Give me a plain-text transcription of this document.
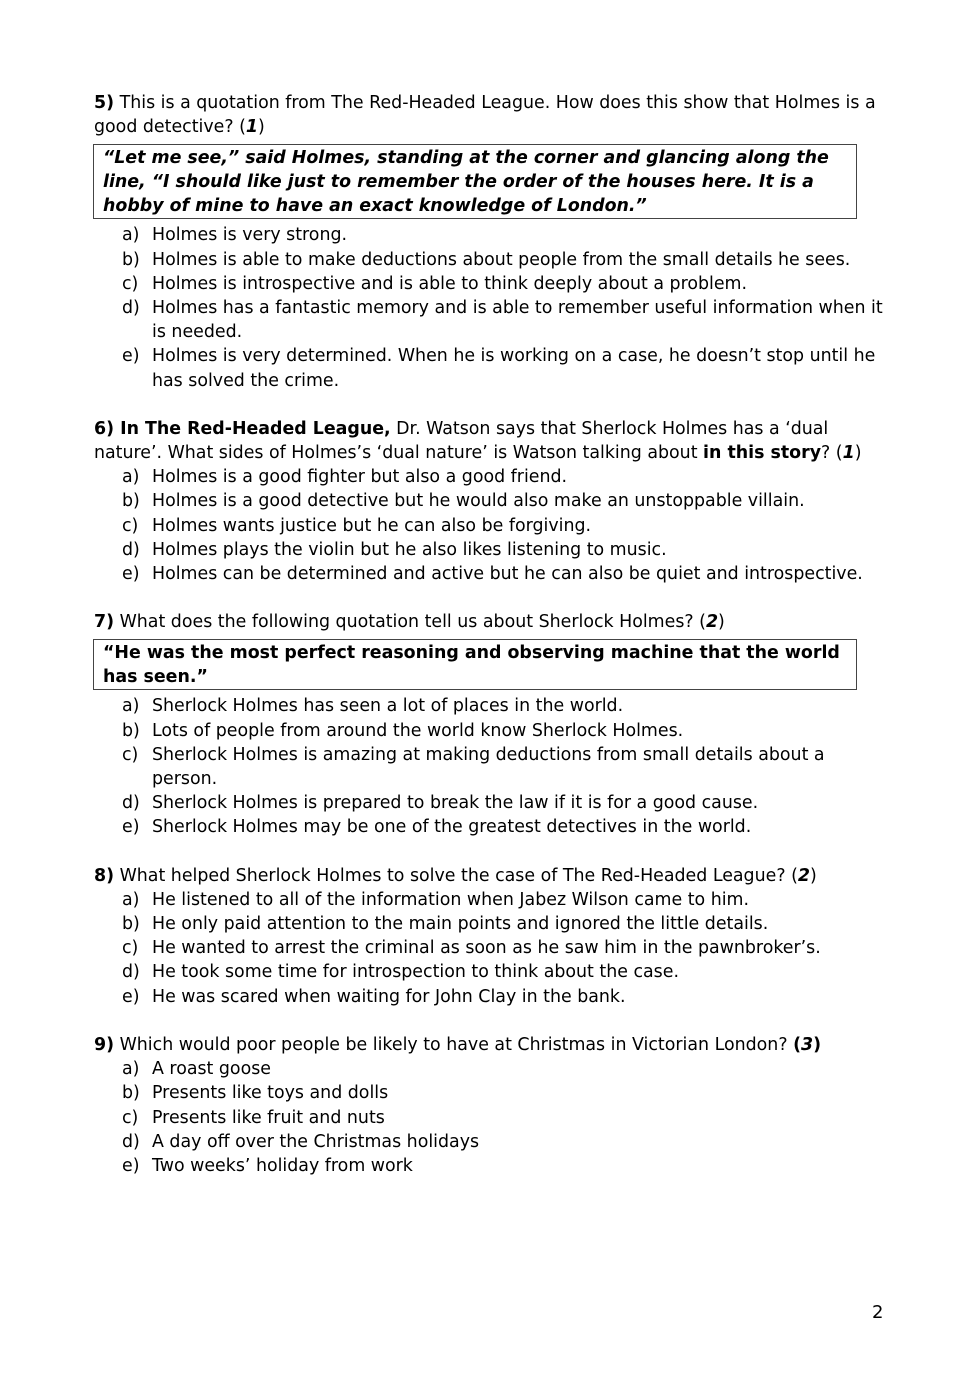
5) This is a quotation from The Red-Headed League. How does this show that Holmes is a good detective? (1)

“Let me see,” said Holmes, standing at the corner and glancing along the line, “I should like just to remember the order of the houses here. It is a hobby of mine to have an exact knowledge of London.”
a) Holmes is very strong.
b) Holmes is able to make deductions about people from the small details he sees.
c) Holmes is introspective and is able to think deeply about a problem.
d) Holmes has a fantastic memory and is able to remember useful information when it is needed.
e) Holmes is very determined. When he is working on a case, he doesn’t stop until he has solved the crime.

6) In The Red-Headed League, Dr. Watson says that Sherlock Holmes has a ‘dual nature’. What sides of Holmes’s ‘dual nature’ is Watson talking about in this story? (1)

a) Holmes is a good fighter but also a good friend.
b) Holmes is a good detective but he would also make an unstoppable villain.
c) Holmes wants justice but he can also be forgiving.
d) Holmes plays the violin but he also likes listening to music.
e) Holmes can be determined and active but he can also be quiet and introspective.

7) What does the following quotation tell us about Sherlock Holmes? (2)

“He was the most perfect reasoning and observing machine that the world has seen.”
a) Sherlock Holmes has seen a lot of places in the world.
b) Lots of people from around the world know Sherlock Holmes.
c) Sherlock Holmes is amazing at making deductions from small details about a person.
d) Sherlock Holmes is prepared to break the law if it is for a good cause.
e) Sherlock Holmes may be one of the greatest detectives in the world.

8) What helped Sherlock Holmes to solve the case of The Red-Headed League? (2)

a) He listened to all of the information when Jabez Wilson came to him.
b) He only paid attention to the main points and ignored the little details.
c) He wanted to arrest the criminal as soon as he saw him in the pawnbroker’s.
d) He took some time for introspection to think about the case.
e) He was scared when waiting for John Clay in the bank.

9) Which would poor people be likely to have at Christmas in Victorian London? (3)

a) A roast goose
b) Presents like toys and dolls
c) Presents like fruit and nuts
d) A day off over the Christmas holidays
e) Two weeks’ holiday from work
2
